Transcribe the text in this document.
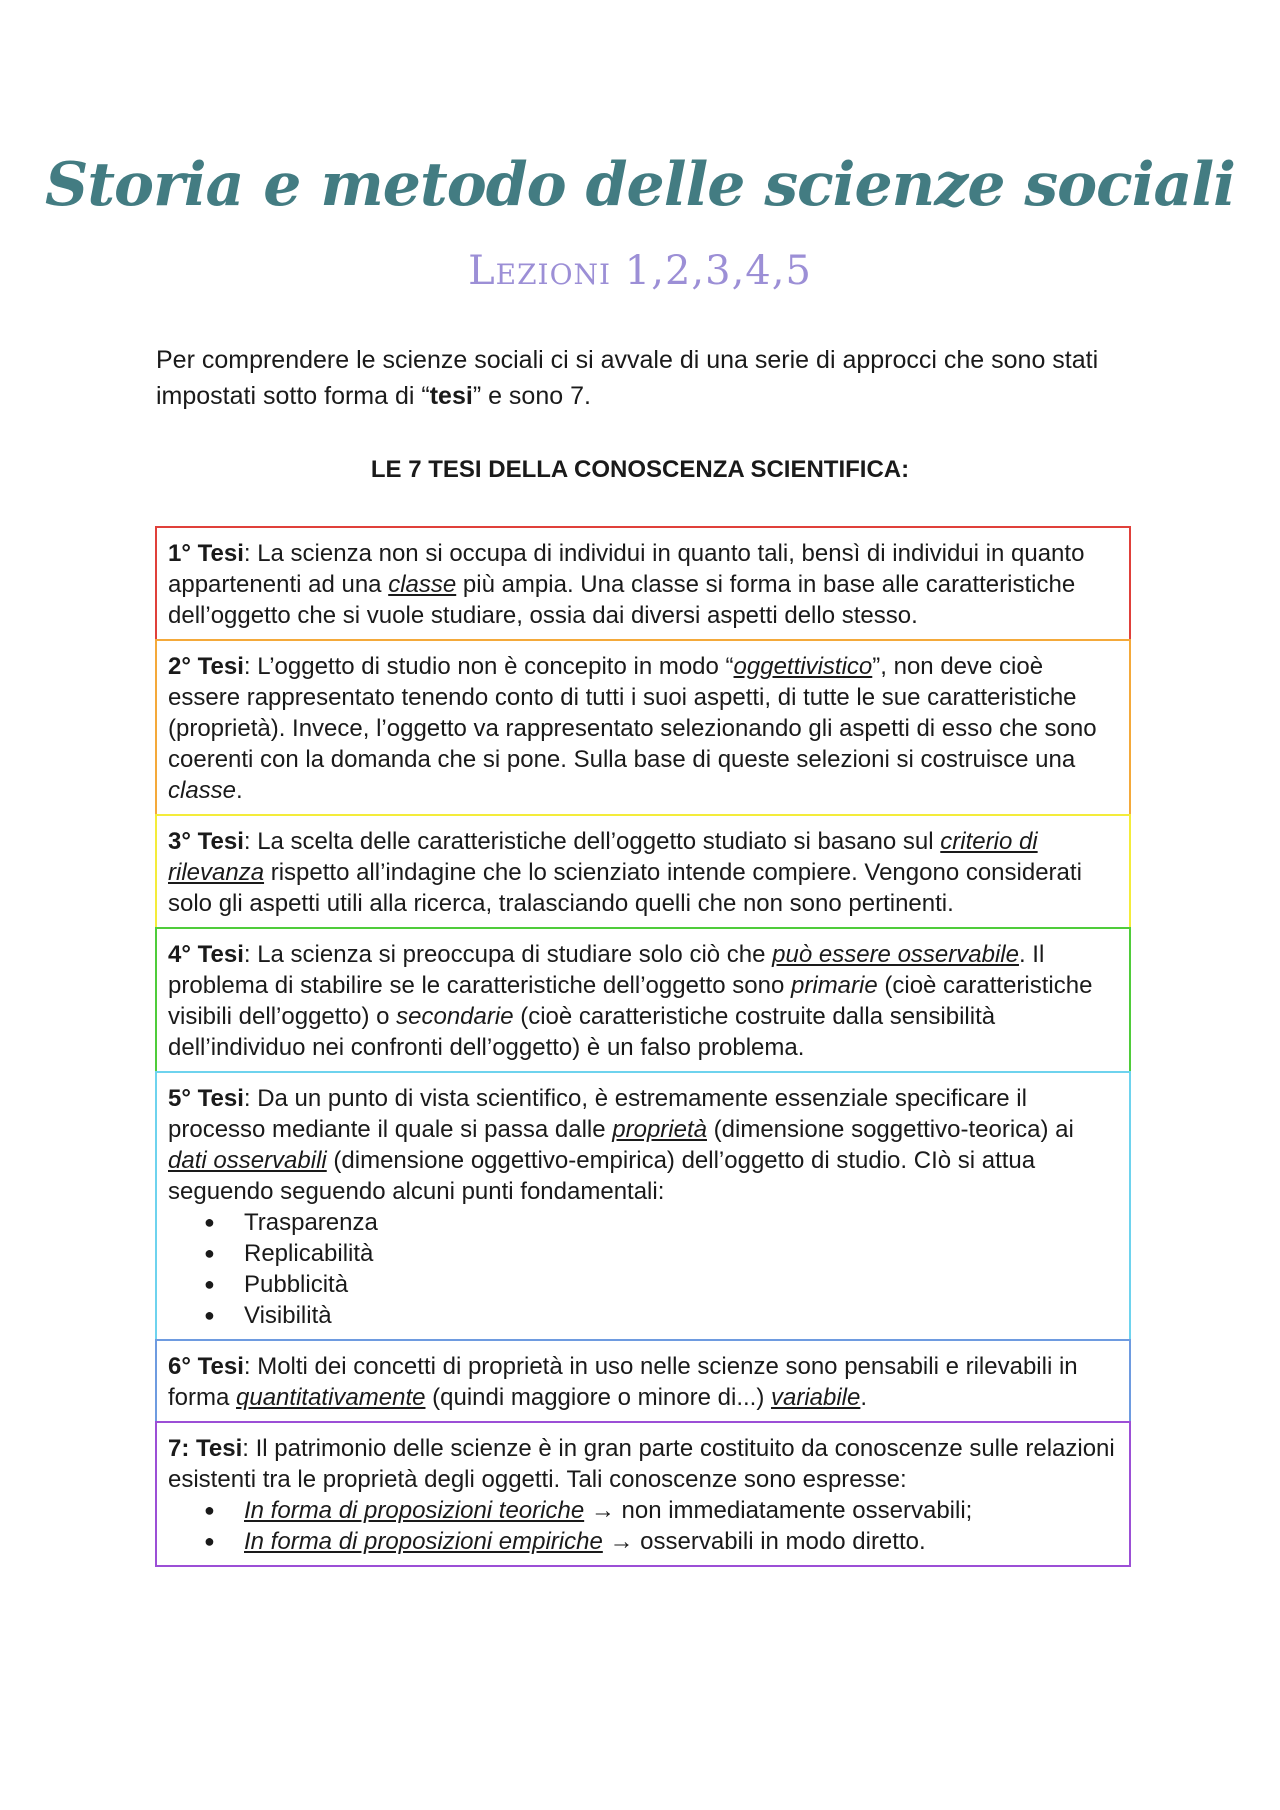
Storia e metodo delle scienze sociali
Lezioni 1,2,3,4,5

Per comprendere le scienze sociali ci si avvale di una serie di approcci che sono stati impostati sotto forma di “tesi” e sono 7.

LE 7 TESI DELLA CONOSCENZA SCIENTIFICA:
1° Tesi: La scienza non si occupa di individui in quanto tali, bensì di individui in quanto appartenenti ad una classe più ampia. Una classe si forma in base alle caratteristiche dell’oggetto che si vuole studiare, ossia dai diversi aspetti dello stesso.
2° Tesi: L’oggetto di studio non è concepito in modo “oggettivistico”, non deve cioè essere rappresentato tenendo conto di tutti i suoi aspetti, di tutte le sue caratteristiche (proprietà). Invece, l’oggetto va rappresentato selezionando gli aspetti di esso che sono coerenti con la domanda che si pone. Sulla base di queste selezioni si costruisce una classe.
3° Tesi: La scelta delle caratteristiche dell’oggetto studiato si basano sul criterio di rilevanza rispetto all’indagine che lo scienziato intende compiere. Vengono considerati solo gli aspetti utili alla ricerca, tralasciando quelli che non sono pertinenti.
4° Tesi: La scienza si preoccupa di studiare solo ciò che può essere osservabile. Il problema di stabilire se le caratteristiche dell’oggetto sono primarie (cioè caratteristiche visibili dell’oggetto) o secondarie (cioè caratteristiche costruite dalla sensibilità dell’individuo nei confronti dell’oggetto) è un falso problema.
5° Tesi: Da un punto di vista scientifico, è estremamente essenziale specificare il processo mediante il quale si passa dalle proprietà (dimensione soggettivo-teorica) ai dati osservabili (dimensione oggettivo-empirica) dell’oggetto di studio. CIò si attua seguendo seguendo alcuni punti fondamentali:
● Trasparenza
● Replicabilità
● Pubblicità
● Visibilità
6° Tesi: Molti dei concetti di proprietà in uso nelle scienze sono pensabili e rilevabili in forma quantitativamente (quindi maggiore o minore di...) variabile.
7: Tesi: Il patrimonio delle scienze è in gran parte costituito da conoscenze sulle relazioni esistenti tra le proprietà degli oggetti. Tali conoscenze sono espresse:
● In forma di proposizioni teoriche → non immediatamente osservabili;
● In forma di proposizioni empiriche → osservabili in modo diretto.
